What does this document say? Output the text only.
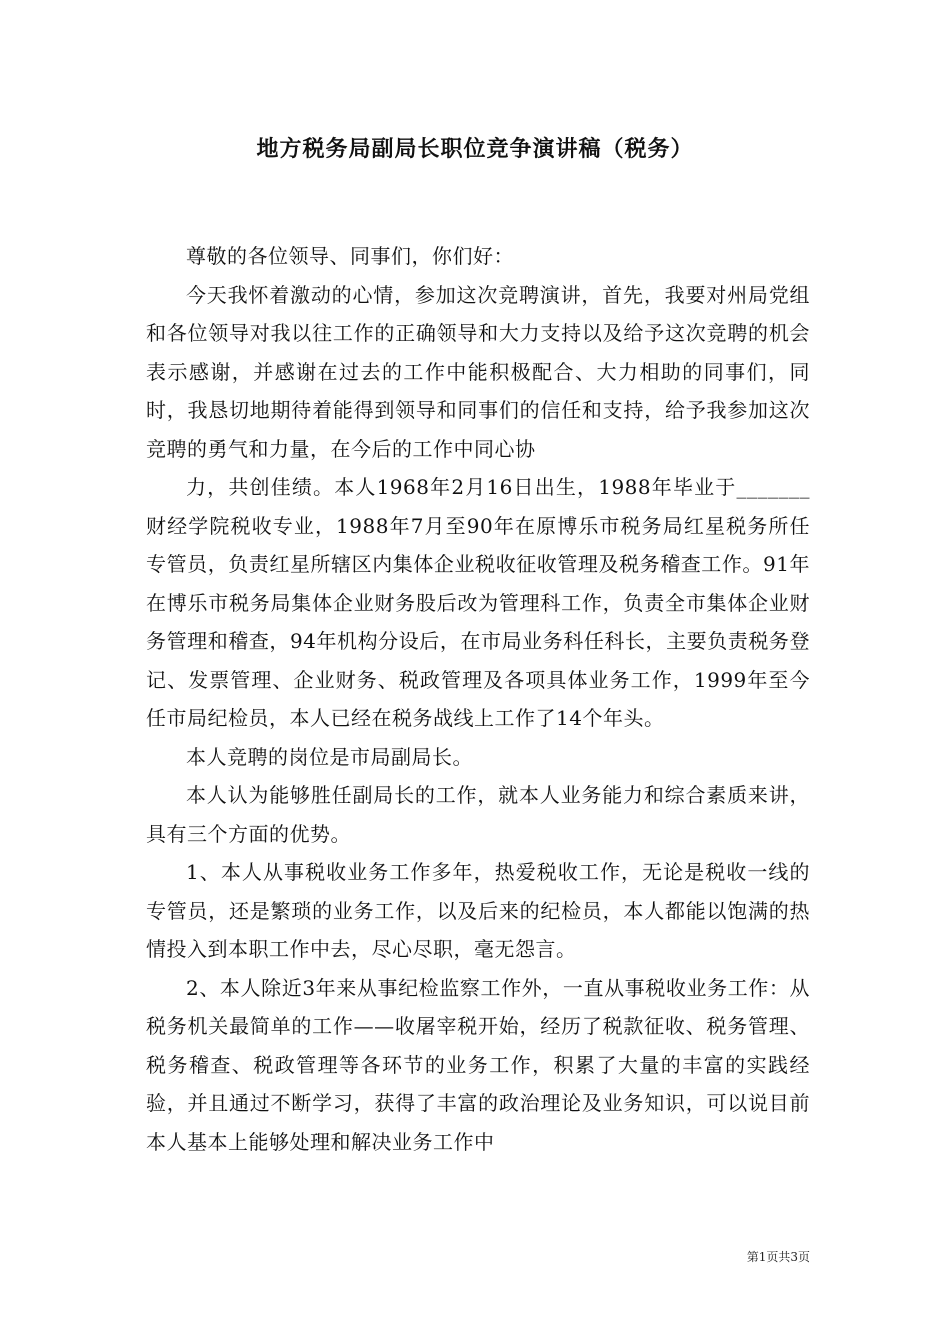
地方税务局副局长职位竞争演讲稿（税务）

尊敬的各位领导、同事们，你们好：

今天我怀着激动的心情，参加这次竞聘演讲，首先，我要对州局党组和各位领导对我以往工作的正确领导和大力支持以及给予这次竞聘的机会表示感谢，并感谢在过去的工作中能积极配合、大力相助的同事们，同时，我恳切地期待着能得到领导和同事们的信任和支持，给予我参加这次竞聘的勇气和力量，在今后的工作中同心协

力，共创佳绩。本人1968年2月16日出生，1988年毕业于_______财经学院税收专业，1988年7月至90年在原博乐市税务局红星税务所任专管员，负责红星所辖区内集体企业税收征收管理及税务稽查工作。91年在博乐市税务局集体企业财务股后改为管理科工作，负责全市集体企业财务管理和稽查，94年机构分设后，在市局业务科任科长，主要负责税务登记、发票管理、企业财务、税政管理及各项具体业务工作，1999年至今任市局纪检员，本人已经在税务战线上工作了14个年头。

本人竞聘的岗位是市局副局长。

本人认为能够胜任副局长的工作，就本人业务能力和综合素质来讲，具有三个方面的优势。

1、本人从事税收业务工作多年，热爱税收工作，无论是税收一线的专管员，还是繁琐的业务工作，以及后来的纪检员，本人都能以饱满的热情投入到本职工作中去，尽心尽职，毫无怨言。

2、本人除近3年来从事纪检监察工作外，一直从事税收业务工作：从税务机关最简单的工作——收屠宰税开始，经历了税款征收、税务管理、税务稽查、税政管理等各环节的业务工作，积累了大量的丰富的实践经验，并且通过不断学习，获得了丰富的政治理论及业务知识，可以说目前本人基本上能够处理和解决业务工作中

第1页共3页
